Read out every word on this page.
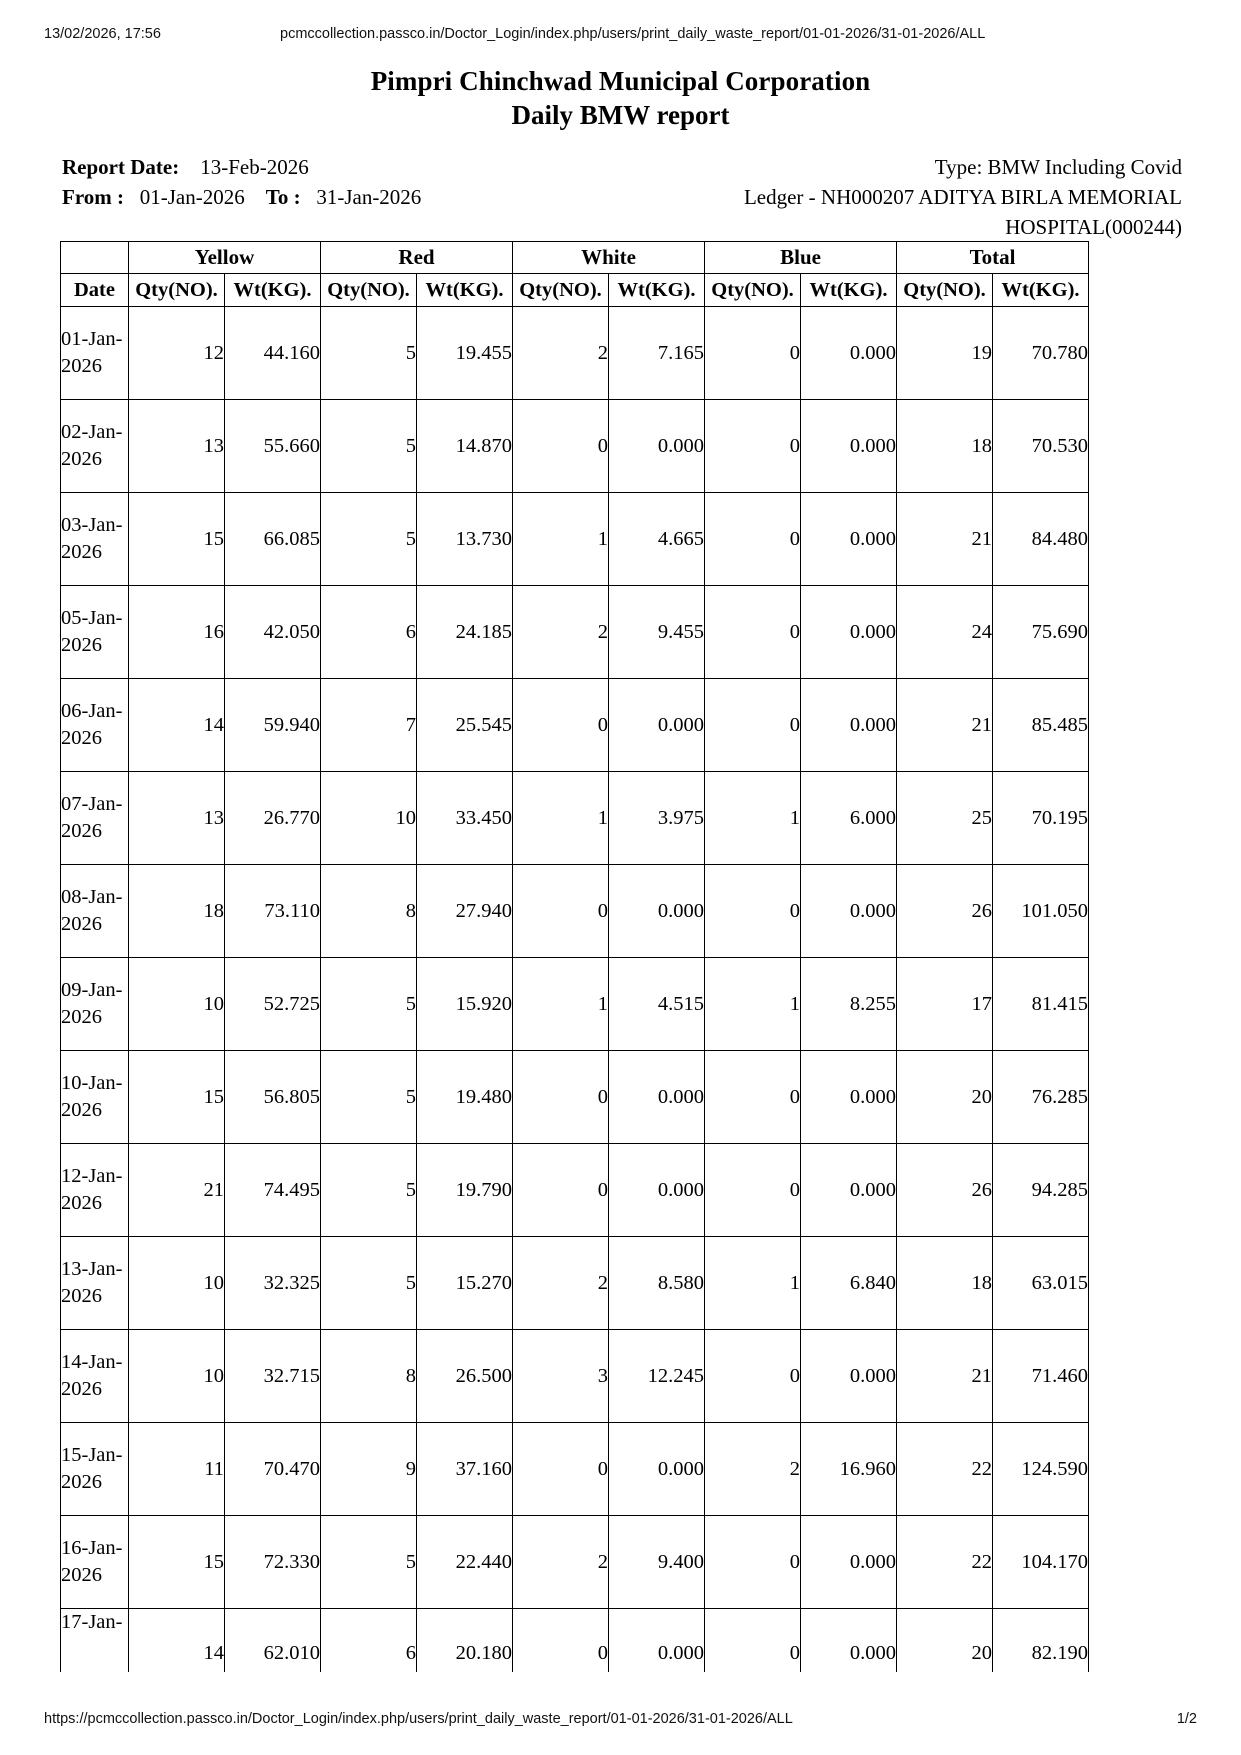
13/02/2026, 17:56	pcmccollection.passco.in/Doctor_Login/index.php/users/print_daily_waste_report/01-01-2026/31-01-2026/ALL
Pimpri Chinchwad Municipal Corporation
Daily BMW report
Report Date: 13-Feb-2026	Type: BMW Including Covid
From : 01-Jan-2026 To : 31-Jan-2026	Ledger - NH000207 ADITYA BIRLA MEMORIAL HOSPITAL(000244)
	Yellow		Red		White		Blue		Total	
Date	Qty(NO).	Wt(KG).	Qty(NO).	Wt(KG).	Qty(NO).	Wt(KG).	Qty(NO).	Wt(KG).	Qty(NO).	Wt(KG).
01-Jan-2026	12	44.160	5	19.455	2	7.165	0	0.000	19	70.780
02-Jan-2026	13	55.660	5	14.870	0	0.000	0	0.000	18	70.530
03-Jan-2026	15	66.085	5	13.730	1	4.665	0	0.000	21	84.480
05-Jan-2026	16	42.050	6	24.185	2	9.455	0	0.000	24	75.690
06-Jan-2026	14	59.940	7	25.545	0	0.000	0	0.000	21	85.485
07-Jan-2026	13	26.770	10	33.450	1	3.975	1	6.000	25	70.195
08-Jan-2026	18	73.110	8	27.940	0	0.000	0	0.000	26	101.050
09-Jan-2026	10	52.725	5	15.920	1	4.515	1	8.255	17	81.415
10-Jan-2026	15	56.805	5	19.480	0	0.000	0	0.000	20	76.285
12-Jan-2026	21	74.495	5	19.790	0	0.000	0	0.000	26	94.285
13-Jan-2026	10	32.325	5	15.270	2	8.580	1	6.840	18	63.015
14-Jan-2026	10	32.715	8	26.500	3	12.245	0	0.000	21	71.460
15-Jan-2026	11	70.470	9	37.160	0	0.000	2	16.960	22	124.590
16-Jan-2026	15	72.330	5	22.440	2	9.400	0	0.000	22	104.170
17-Jan-	14	62.010	6	20.180	0	0.000	0	0.000	20	82.190
https://pcmccollection.passco.in/Doctor_Login/index.php/users/print_daily_waste_report/01-01-2026/31-01-2026/ALL	1/2
